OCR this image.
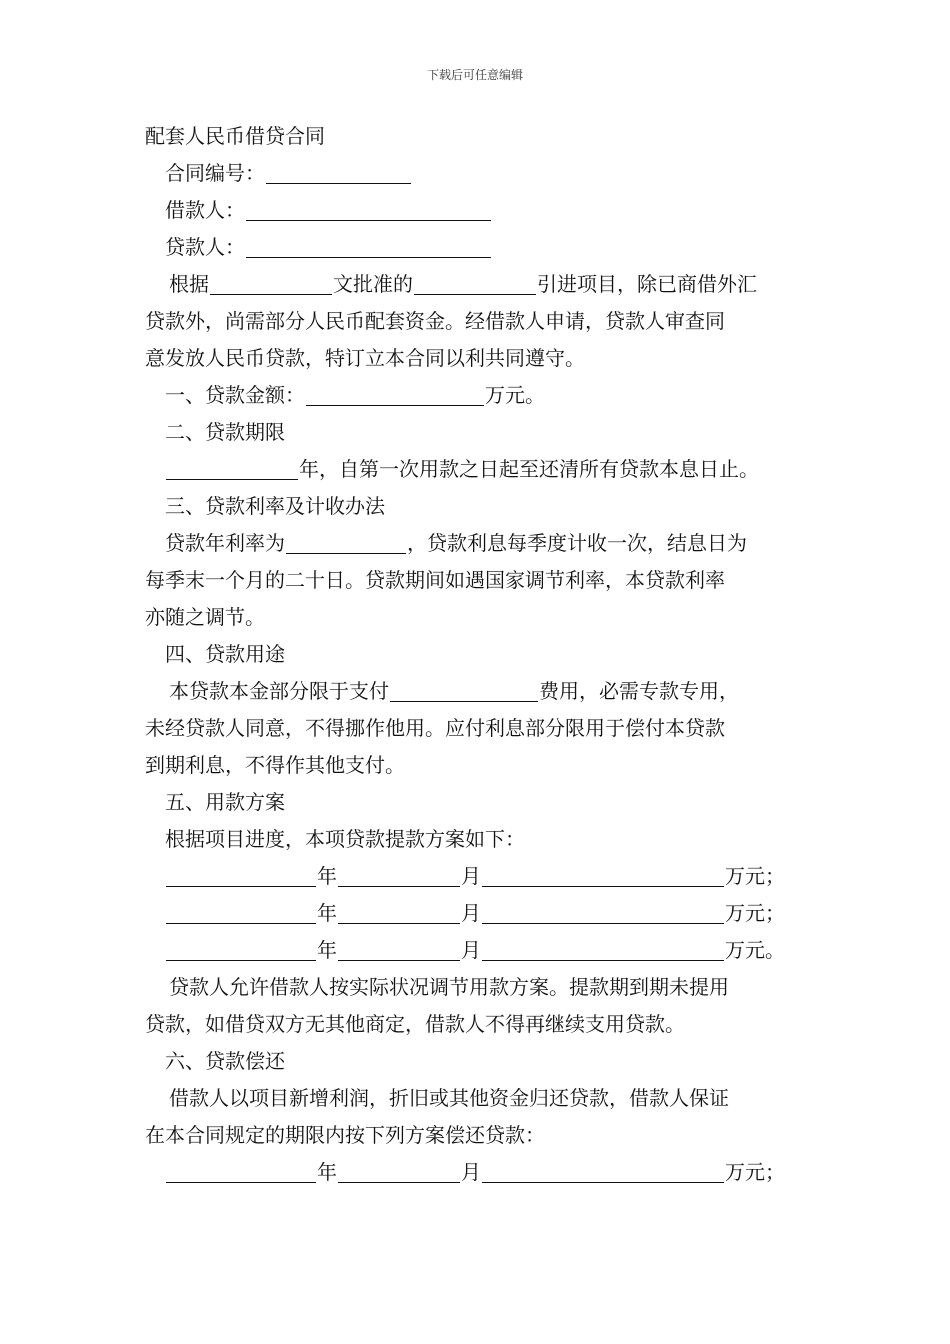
下载后可任意编辑
配套人民币借贷合同
合同编号：
借款人：
贷款人：
根据	文批准的	引进项目，除已商借外汇
贷款外，尚需部分人民币配套资金。经借款人申请，贷款人审查同
意发放人民币贷款，特订立本合同以利共同遵守。
一、贷款金额：	万元。
二、贷款期限
年，自第一次用款之日起至还清所有贷款本息日止。
三、贷款利率及计收办法
贷款年利率为	，贷款利息每季度计收一次，结息日为
每季末一个月的二十日。贷款期间如遇国家调节利率，本贷款利率
亦随之调节。
四、贷款用途
本贷款本金部分限于支付	费用，必需专款专用，
未经贷款人同意，不得挪作他用。应付利息部分限用于偿付本贷款
到期利息，不得作其他支付。
五、用款方案
根据项目进度，本项贷款提款方案如下：
年	月	万元；
年	月	万元；
年	月	万元。
贷款人允许借款人按实际状况调节用款方案。提款期到期未提用
贷款，如借贷双方无其他商定，借款人不得再继续支用贷款。
六、贷款偿还
借款人以项目新增利润，折旧或其他资金归还贷款，借款人保证
在本合同规定的期限内按下列方案偿还贷款：
年	月	万元；
